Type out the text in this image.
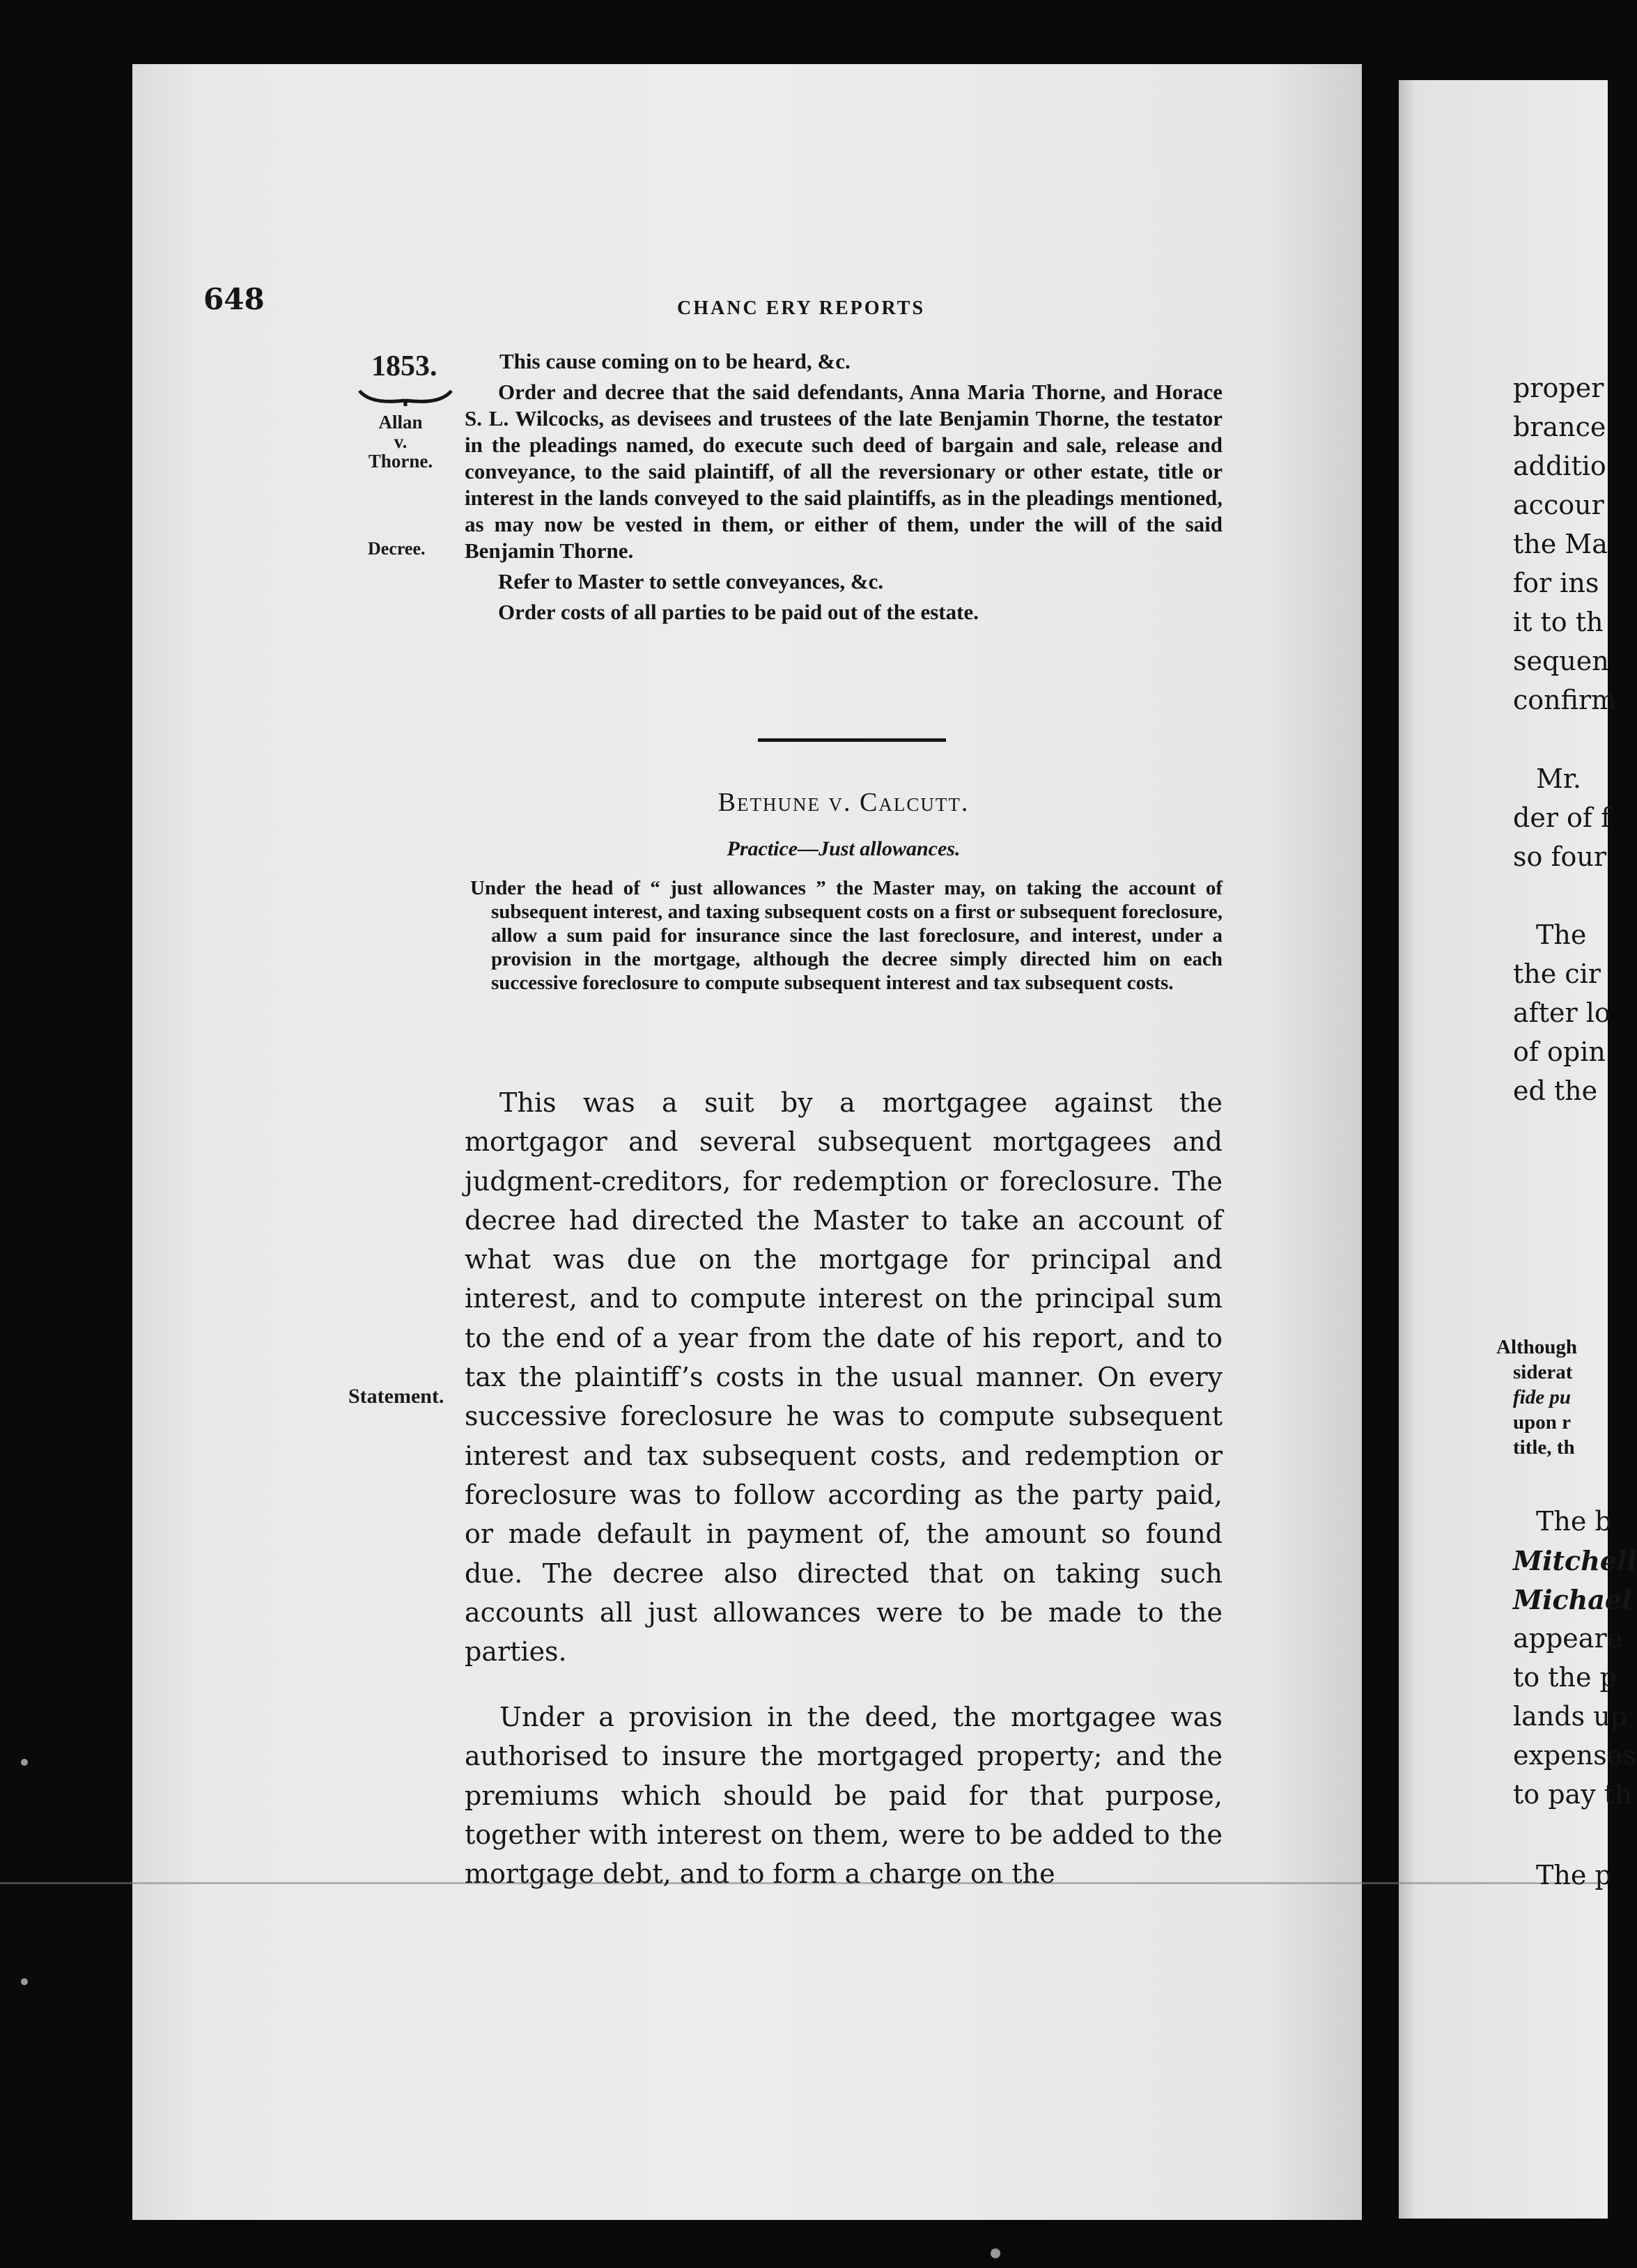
648	CHANC ERY REPORTS
1853.
Allan
v.
Thorne.
Decree.
Statement.

This cause coming on to be heard, &c.

Order and decree that the said defendants, Anna Maria Thorne, and Horace S. L. Wilcocks, as devisees and trustees of the late Benjamin Thorne, the testator in the pleadings named, do execute such deed of bargain and sale, release and conveyance, to the said plaintiff, of all the reversionary or other estate, title or interest in the lands conveyed to the said plaintiffs, as in the pleadings mentioned, as may now be vested in them, or either of them, under the will of the said Benjamin Thorne.

Refer to Master to settle conveyances, &c.

Order costs of all parties to be paid out of the estate.

Bethune v. Calcutt.
Practice—Just allowances.
Under the head of “ just allowances ” the Master may, on taking the account of subsequent interest, and taxing subsequent costs on a first or subsequent foreclosure, allow a sum paid for insurance since the last foreclosure, and interest, under a provision in the mortgage, although the decree simply directed him on each successive foreclosure to compute subsequent interest and tax subsequent costs.

This was a suit by a mortgagee against the mortgagor and several subsequent mortgagees and judgment-creditors, for redemption or foreclosure. The decree had directed the Master to take an account of what was due on the mortgage for principal and interest, and to compute interest on the principal sum to the end of a year from the date of his report, and to tax the plaintiff’s costs in the usual manner. On every successive foreclosure he was to compute subsequent interest and tax subsequent costs, and redemption or foreclosure was to follow according as the party paid, or made default in payment of, the amount so found due. The decree also directed that on taking such accounts all just allowances were to be made to the parties.

Under a provision in the deed, the mortgagee was authorised to insure the mortgaged property; and the premiums which should be paid for that purpose, together with interest on them, were to be added to the mortgage debt, and to form a charge on the

proper
brance
additio
accour
the Ma
for ins
it to th
sequen
confirm
Mr.
der of f
so four
The
the cir
after lo
of opin
ed the
Although
siderat
fide pu
upon r
title, th
The b
Mitchell
Michael
appeare
to the p
lands up
expenses
to pay th
The p
